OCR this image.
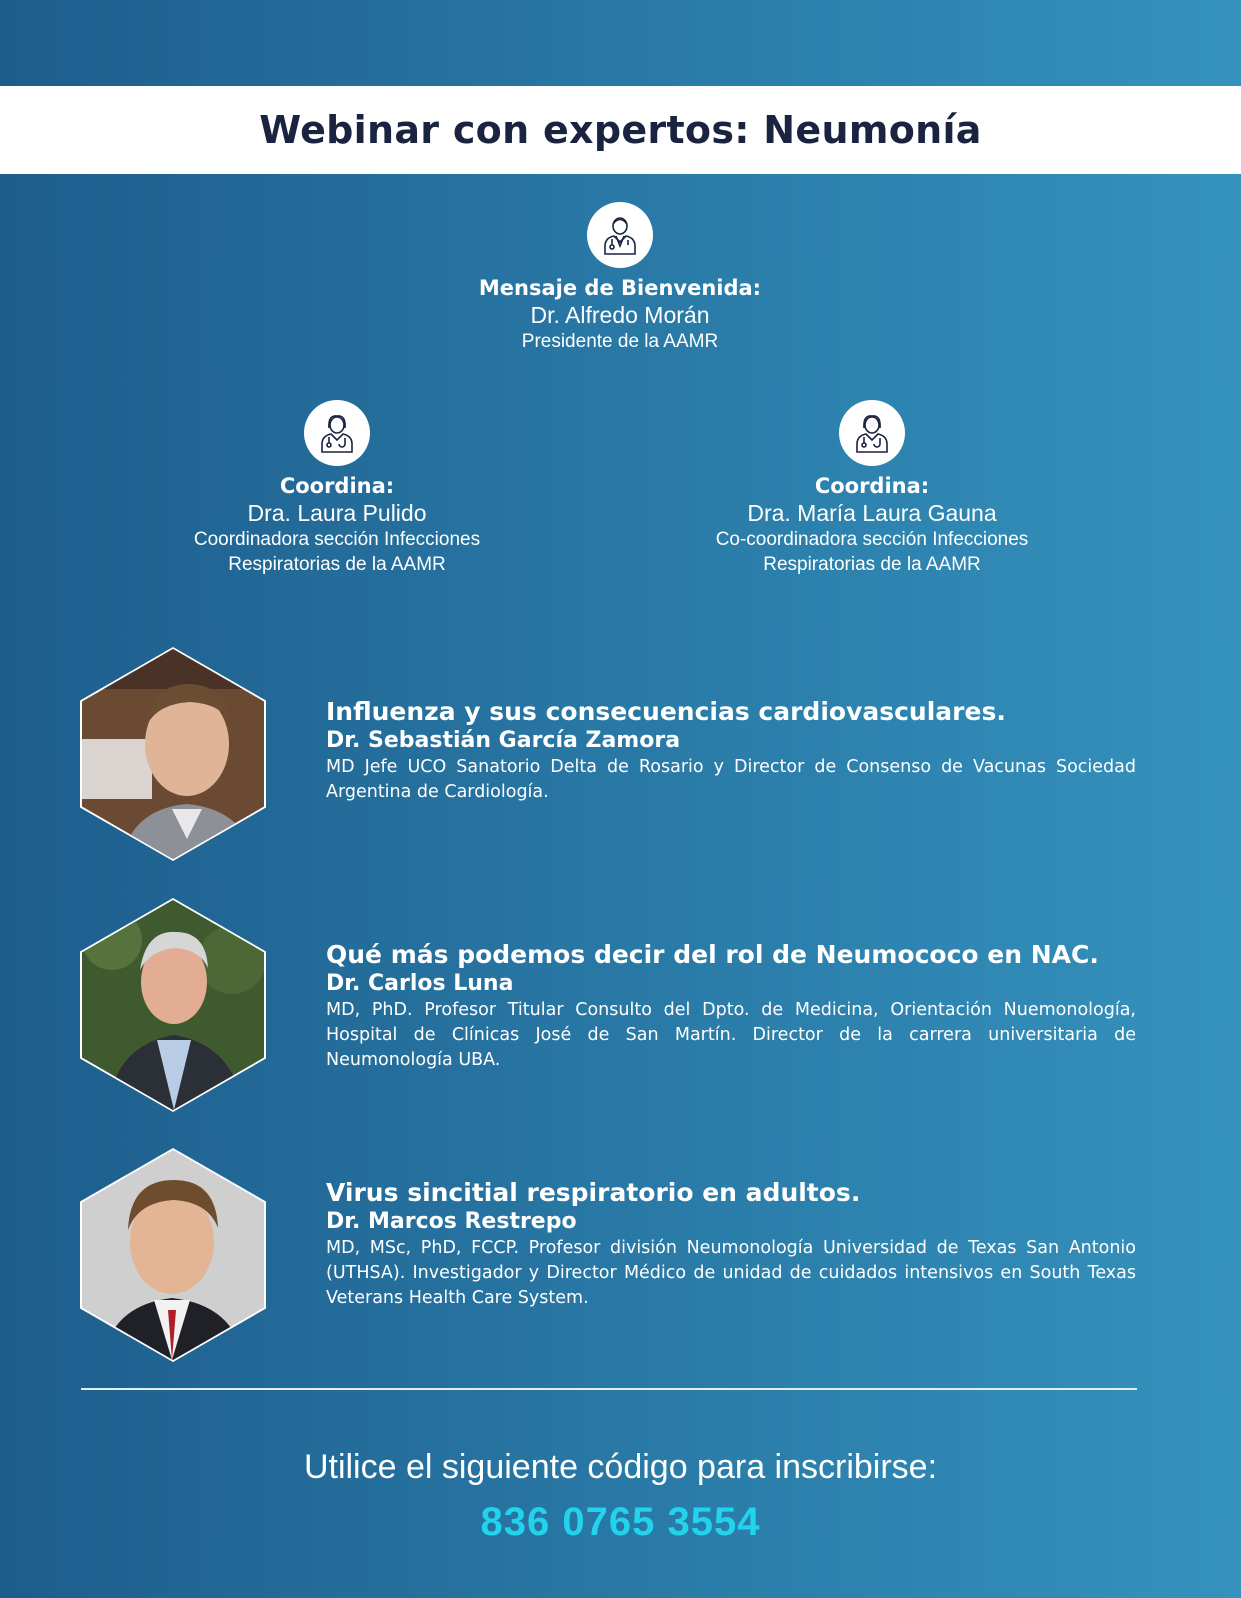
Webinar con expertos: Neumonía
Mensaje de Bienvenida:
Dr. Alfredo Morán
Presidente de la AAMR
Coordina:
Dra. Laura Pulido
Coordinadora sección Infecciones
Respiratorias de la AAMR
Coordina:
Dra. María Laura Gauna
Co-coordinadora sección Infecciones
Respiratorias de la AAMR
Influenza y sus consecuencias cardiovasculares.
Dr. Sebastián García Zamora
MD Jefe UCO Sanatorio Delta de Rosario y Director de Consenso de Vacunas Sociedad Argentina de Cardiología.
Qué más podemos decir del rol de Neumococo en NAC.
Dr. Carlos Luna
MD, PhD. Profesor Titular Consulto del Dpto. de Medicina, Orientación Nuemonología, Hospital de Clínicas José de San Martín. Director de la carrera universitaria de Neumonología UBA.
Virus sincitial respiratorio en adultos.
Dr. Marcos Restrepo
MD, MSc, PhD, FCCP. Profesor división Neumonología Universidad de Texas San Antonio (UTHSA). Investigador y Director Médico de unidad de cuidados intensivos en South Texas Veterans Health Care System.
Utilice el siguiente código para inscribirse:
836 0765 3554
